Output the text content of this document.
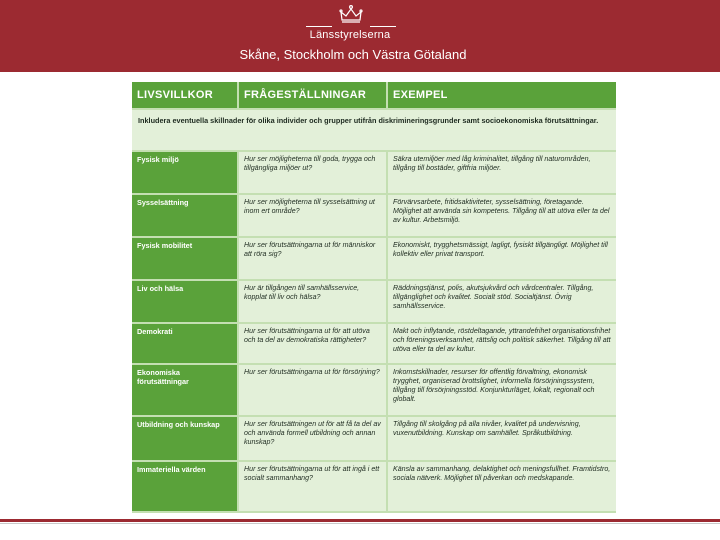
Länsstyrelserna
Skåne, Stockholm och Västra Götaland
LIVSVILLKOR	FRÅGESTÄLLNINGAR	EXEMPEL
Inkludera eventuella skillnader för olika individer och grupper utifrån diskrimineringsgrunder samt socioekonomiska förutsättningar.		
Fysisk miljö	Hur ser möjligheterna till goda, trygga och tillgängliga miljöer ut?	Säkra utemiljöer med låg kriminalitet, tillgång till naturområden, tillgång till bostäder, giftfria miljöer.
Sysselsättning	Hur ser möjligheterna till sysselsättning ut inom ert område?	Förvärvsarbete, fritidsaktiviteter, sysselsättning, företagande. Möjlighet att använda sin kompetens. Tillgång till att utöva eller ta del av kultur. Arbetsmiljö.
Fysisk mobilitet	Hur ser förutsättningarna ut för människor att röra sig?	Ekonomiskt, trygghetsmässigt, lagligt, fysiskt tillgängligt. Möjlighet till kollektiv eller privat transport.
Liv och hälsa	Hur är tillgången till samhällsservice, kopplat till liv och hälsa?	Räddningstjänst, polis, akutsjukvård och vårdcentraler. Tillgång, tillgänglighet och kvalitet. Socialt stöd. Socialtjänst. Övrig samhällsservice.
Demokrati	Hur ser förutsättningarna ut för att utöva och ta del av demokratiska rättigheter?	Makt och inflytande, röstdeltagande, yttrandefrihet organisationsfrihet och föreningsverksamhet, rättslig och politisk säkerhet. Tillgång till att utöva eller ta del av kultur.
Ekonomiska förutsättningar	Hur ser förutsättningarna ut för försörjning?	Inkomstskillnader, resurser för offentlig förvaltning, ekonomisk trygghet, organiserad brottslighet, informella försörjningssystem, tillgång till försörjningsstöd. Konjunkturläget, lokalt, regionalt och globalt.
Utbildning och kunskap	Hur ser förutsättningen ut för att få ta del av och använda formell utbildning och annan kunskap?	Tillgång till skolgång på alla nivåer, kvalitet på undervisning, vuxenutbildning. Kunskap om samhället. Språkutbildning.
Immateriella värden	Hur ser förutsättningarna ut för att ingå i ett socialt sammanhang?	Känsla av sammanhang, delaktighet och meningsfullhet. Framtidstro, sociala nätverk. Möjlighet till påverkan och medskapande.
